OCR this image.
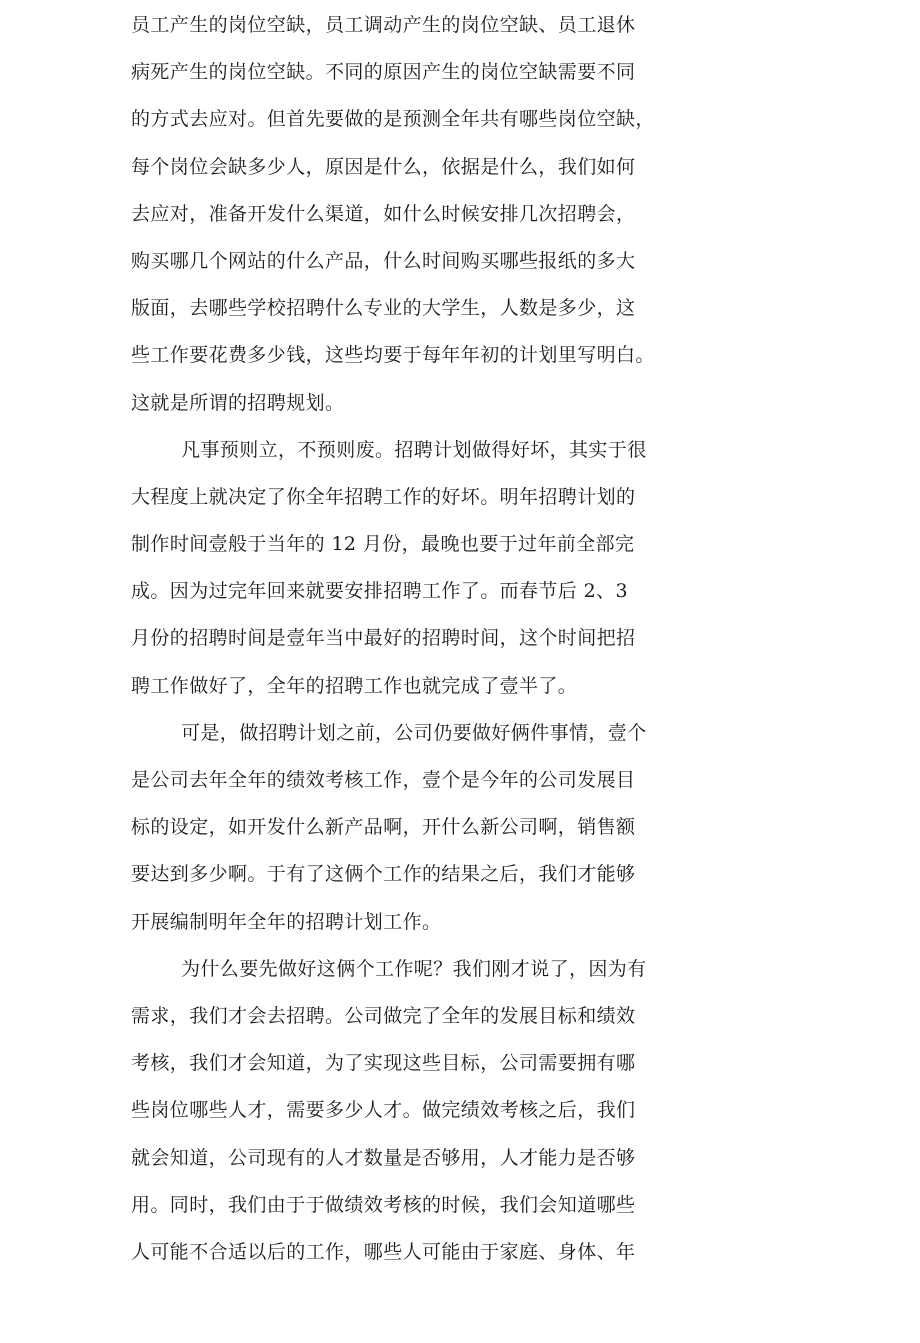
员工产生的岗位空缺，员工调动产生的岗位空缺、员工退休
病死产生的岗位空缺。不同的原因产生的岗位空缺需要不同
的方式去应对。但首先要做的是预测全年共有哪些岗位空缺，
每个岗位会缺多少人，原因是什么，依据是什么，我们如何
去应对，准备开发什么渠道，如什么时候安排几次招聘会，
购买哪几个网站的什么产品，什么时间购买哪些报纸的多大
版面，去哪些学校招聘什么专业的大学生，人数是多少，这
些工作要花费多少钱，这些均要于每年年初的计划里写明白。
这就是所谓的招聘规划。
凡事预则立，不预则废。招聘计划做得好坏，其实于很
大程度上就决定了你全年招聘工作的好坏。明年招聘计划的
制作时间壹般于当年的 12 月份，最晚也要于过年前全部完
成。因为过完年回来就要安排招聘工作了。而春节后 2、3
月份的招聘时间是壹年当中最好的招聘时间，这个时间把招
聘工作做好了，全年的招聘工作也就完成了壹半了。
可是，做招聘计划之前，公司仍要做好俩件事情，壹个
是公司去年全年的绩效考核工作，壹个是今年的公司发展目
标的设定，如开发什么新产品啊，开什么新公司啊，销售额
要达到多少啊。于有了这俩个工作的结果之后，我们才能够
开展编制明年全年的招聘计划工作。
为什么要先做好这俩个工作呢？我们刚才说了，因为有
需求，我们才会去招聘。公司做完了全年的发展目标和绩效
考核，我们才会知道，为了实现这些目标，公司需要拥有哪
些岗位哪些人才，需要多少人才。做完绩效考核之后，我们
就会知道，公司现有的人才数量是否够用，人才能力是否够
用。同时，我们由于于做绩效考核的时候，我们会知道哪些
人可能不合适以后的工作，哪些人可能由于家庭、身体、年
